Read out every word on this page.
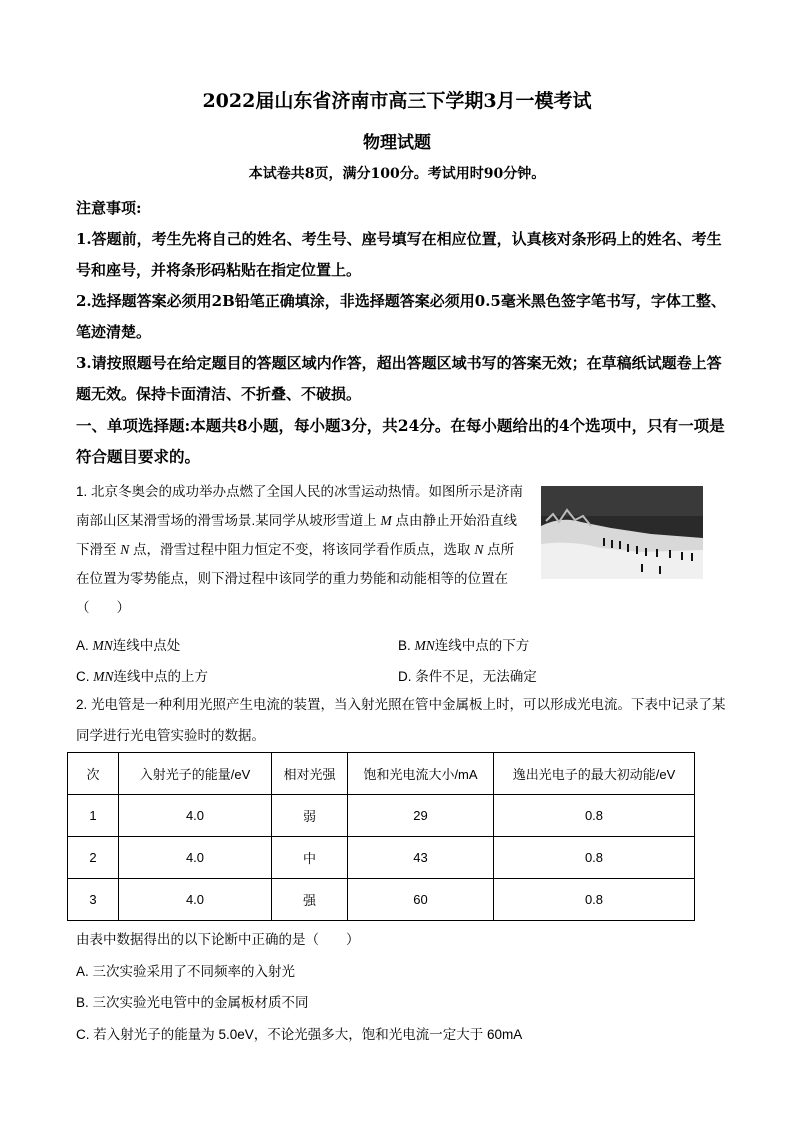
2022届山东省济南市高三下学期3月一模考试
物理试题
本试卷共8页，满分100分。考试用时90分钟。

注意事项:

1.答题前，考生先将自己的姓名、考生号、座号填写在相应位置，认真核对条形码上的姓名、考生号和座号，并将条形码粘贴在指定位置上。

2.选择题答案必须用2B铅笔正确填涂，非选择题答案必须用0.5毫米黑色签字笔书写，字体工整、笔迹清楚。

3.请按照题号在给定题目的答题区域内作答，超出答题区域书写的答案无效；在草稿纸试题卷上答题无效。保持卡面清洁、不折叠、不破损。

一、单项选择题:本题共8小题，每小题3分，共24分。在每小题给出的4个选项中，只有一项是符合题目要求的。
1. 北京冬奥会的成功举办点燃了全国人民的冰雪运动热情。如图所示是济南南部山区某滑雪场的滑雪场景.某同学从坡形雪道上 M 点由静止开始沿直线下滑至 N 点，滑雪过程中阻力恒定不变，将该同学看作质点，选取 N 点所在位置为零势能点，则下滑过程中该同学的重力势能和动能相等的位置在（　　）
A. MN连线中点处	B. MN连线中点的下方
C. MN连线中点的上方	D. 条件不足，无法确定
2. 光电管是一种利用光照产生电流的装置，当入射光照在管中金属板上时，可以形成光电流。下表中记录了某同学进行光电管实验时的数据。
次	入射光子的能量/eV	相对光强	饱和光电流大小/mA	逸出光电子的最大初动能/eV
1	4.0	弱	29	0.8
2	4.0	中	43	0.8
3	4.0	强	60	0.8
由表中数据得出的以下论断中正确的是（　　）
A. 三次实验采用了不同频率的入射光
B. 三次实验光电管中的金属板材质不同
C. 若入射光子的能量为 5.0eV，不论光强多大，饱和光电流一定大于 60mA
